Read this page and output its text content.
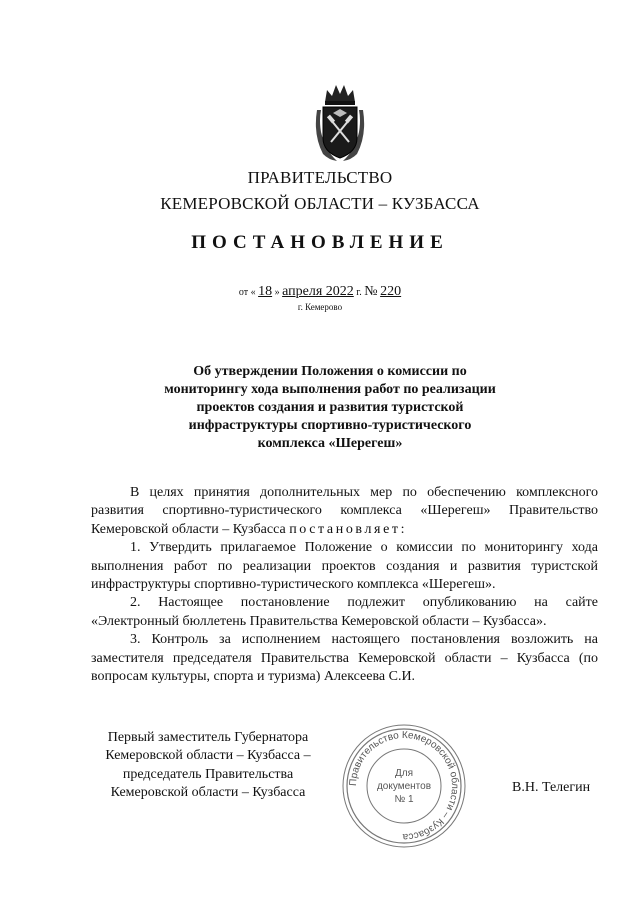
ПРАВИТЕЛЬСТВО
КЕМЕРОВСКОЙ ОБЛАСТИ – КУЗБАССА
ПОСТАНОВЛЕНИЕ
от « 18 » апреля 2022 г. № 220
г. Кемерово
Об утверждении Положения о комиссии по мониторингу хода выполнения работ по реализации проектов создания и развития туристской инфраструктуры спортивно-туристического комплекса «Шерегеш»

В целях принятия дополнительных мер по обеспечению комплексного развития спортивно-туристического комплекса «Шерегеш» Правительство Кемеровской области – Кузбасса постановляет:

1. Утвердить прилагаемое Положение о комиссии по мониторингу хода выполнения работ по реализации проектов создания и развития туристской инфраструктуры спортивно-туристического комплекса «Шерегеш».

2. Настоящее постановление подлежит опубликованию на сайте «Электронный бюллетень Правительства Кемеровской области – Кузбасса».

3. Контроль за исполнением настоящего постановления возложить на заместителя председателя Правительства Кемеровской области – Кузбасса (по вопросам культуры, спорта и туризма) Алексеева С.И.

Первый заместитель Губернатора
Кемеровской области – Кузбасса –
председатель Правительства
Кемеровской области – Кузбасса
Правительство Кемеровской области – Кузбасса
Для
документов
№ 1
В.Н. Телегин
